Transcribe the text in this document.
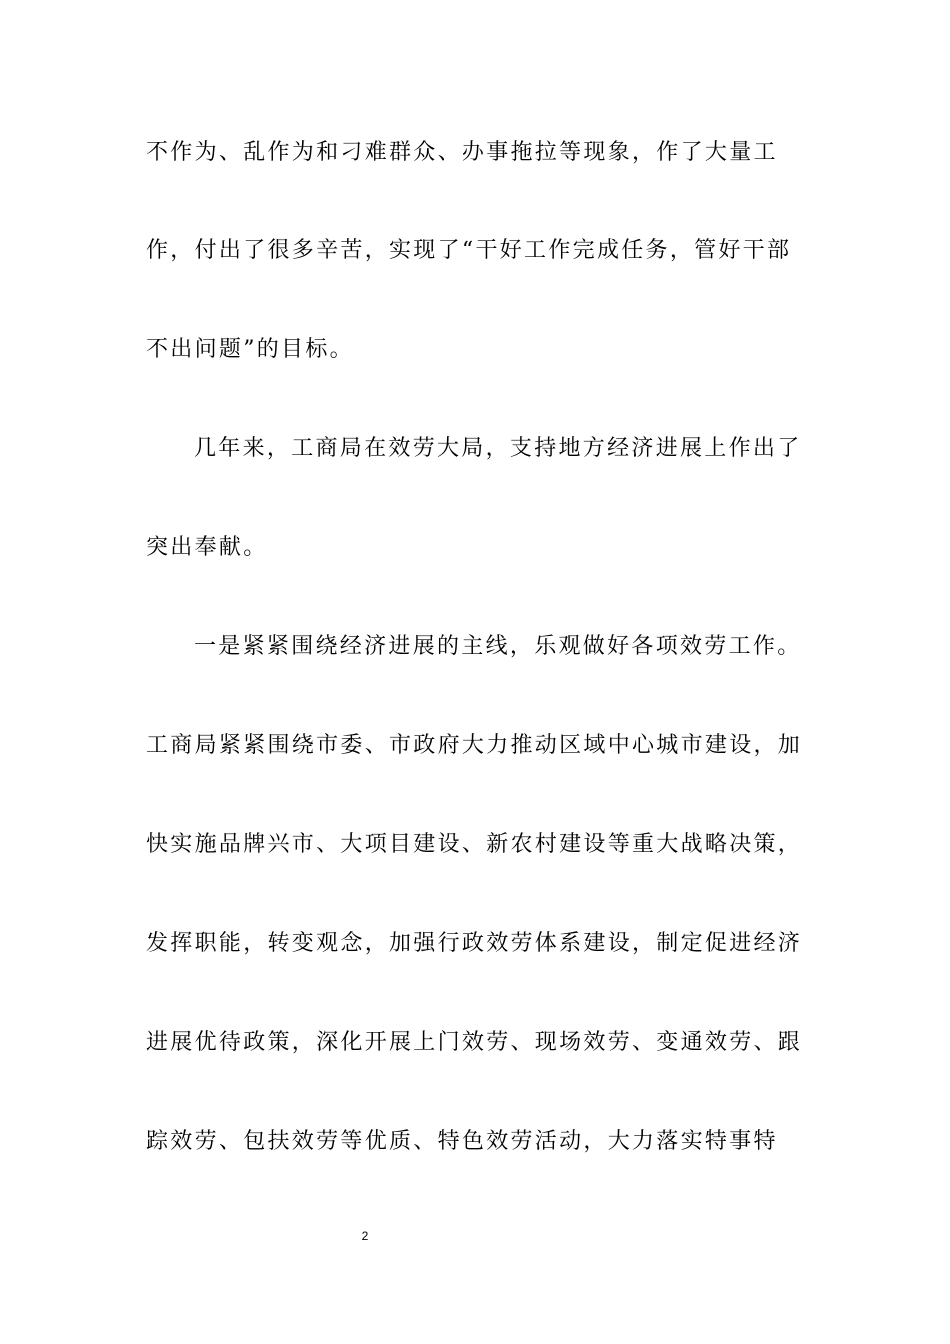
不作为、乱作为和刁难群众、办事拖拉等现象，作了大量工
作，付出了很多辛苦，实现了“干好工作完成任务，管好干部
不出问题”的目标。
几年来，工商局在效劳大局，支持地方经济进展上作出了
突出奉献。
一是紧紧围绕经济进展的主线，乐观做好各项效劳工作。
工商局紧紧围绕市委、市政府大力推动区域中心城市建设，加
快实施品牌兴市、大项目建设、新农村建设等重大战略决策，
发挥职能，转变观念，加强行政效劳体系建设，制定促进经济
进展优待政策，深化开展上门效劳、现场效劳、变通效劳、跟
踪效劳、包扶效劳等优质、特色效劳活动，大力落实特事特
2
